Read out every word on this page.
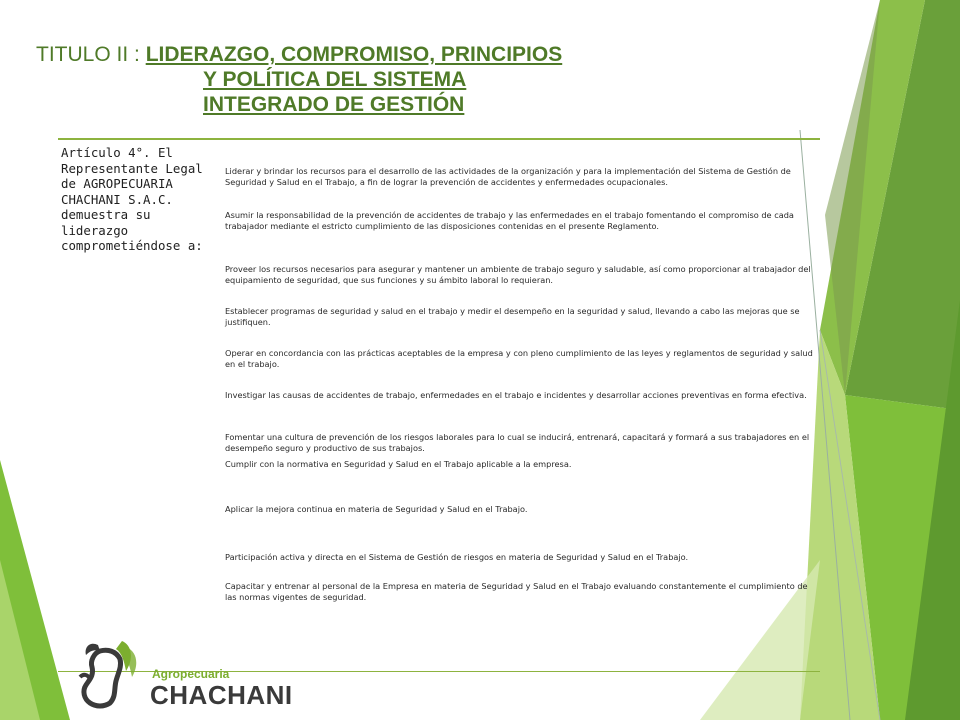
TITULO II : LIDERAZGO, COMPROMISO, PRINCIPIOS
Y POLÍTICA DEL SISTEMA
INTEGRADO DE GESTIÓN
Artículo 4°. El Representante Legal de AGROPECUARIA CHACHANI S.A.C. demuestra su liderazgo comprometiéndose a:

Liderar y brindar los recursos para el desarrollo de las actividades de la organización y para la implementación del Sistema de Gestión de Seguridad y Salud en el Trabajo, a fin de lograr la prevención de accidentes y enfermedades ocupacionales.

Asumir la responsabilidad de la prevención de accidentes de trabajo y las enfermedades en el trabajo fomentando el compromiso de cada trabajador mediante el estricto cumplimiento de las disposiciones contenidas en el presente Reglamento.

Proveer los recursos necesarios para asegurar y mantener un ambiente de trabajo seguro y saludable, así como proporcionar al trabajador del equipamiento de seguridad, que sus funciones y su ámbito laboral lo requieran.

Establecer programas de seguridad y salud en el trabajo y medir el desempeño en la seguridad y salud, llevando a cabo las mejoras que se justifiquen.

Operar en concordancia con las prácticas aceptables de la empresa y con pleno cumplimiento de las leyes y reglamentos de seguridad y salud en el trabajo.

Investigar las causas de accidentes de trabajo, enfermedades en el trabajo e incidentes y desarrollar acciones preventivas en forma efectiva.

Fomentar una cultura de prevención de los riesgos laborales para lo cual se inducirá, entrenará, capacitará y formará a sus trabajadores en el desempeño seguro y productivo de sus trabajos.

Cumplir con la normativa en Seguridad y Salud en el Trabajo aplicable a la empresa.

Aplicar la mejora continua en materia de Seguridad y Salud en el Trabajo.

Participación activa y directa en el Sistema de Gestión de riesgos en materia de Seguridad y Salud en el Trabajo.

Capacitar y entrenar al personal de la Empresa en materia de Seguridad y Salud en el Trabajo evaluando constantemente el cumplimiento de las normas vigentes de seguridad.

Agropecuaria
CHACHANI
